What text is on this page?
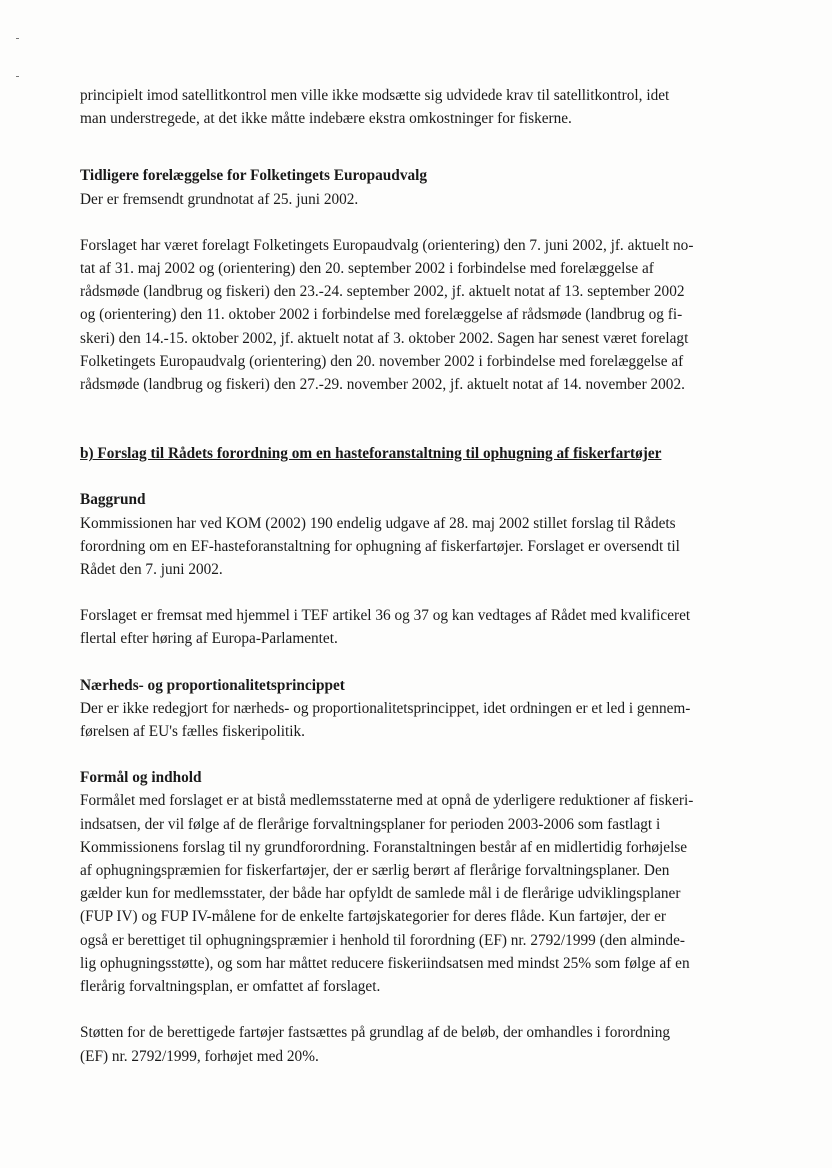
principielt imod satellitkontrol men ville ikke modsætte sig udvidede krav til satellitkontrol, idet
man understregede, at det ikke måtte indebære ekstra omkostninger for fiskerne.
Tidligere forelæggelse for Folketingets Europaudvalg
Der er fremsendt grundnotat af 25. juni 2002.
Forslaget har været forelagt Folketingets Europaudvalg (orientering) den 7. juni 2002, jf. aktuelt no-
tat af 31. maj 2002 og (orientering) den 20. september 2002 i forbindelse med forelæggelse af
rådsmøde (landbrug og fiskeri) den 23.-24. september 2002, jf. aktuelt notat af 13. september 2002
og (orientering) den 11. oktober 2002 i forbindelse med forelæggelse af rådsmøde (landbrug og fi-
skeri) den 14.-15. oktober 2002, jf. aktuelt notat af 3. oktober 2002. Sagen har senest været forelagt
Folketingets Europaudvalg (orientering) den 20. november 2002 i forbindelse med forelæggelse af
rådsmøde (landbrug og fiskeri) den 27.-29. november 2002, jf. aktuelt notat af 14. november 2002.
b) Forslag til Rådets forordning om en hasteforanstaltning til ophugning af fiskerfartøjer
Baggrund
Kommissionen har ved KOM (2002) 190 endelig udgave af 28. maj 2002 stillet forslag til Rådets
forordning om en EF-hasteforanstaltning for ophugning af fiskerfartøjer. Forslaget er oversendt til
Rådet den 7. juni 2002.
Forslaget er fremsat med hjemmel i TEF artikel 36 og 37 og kan vedtages af Rådet med kvalificeret
flertal efter høring af Europa-Parlamentet.
Nærheds- og proportionalitetsprincippet
Der er ikke redegjort for nærheds- og proportionalitetsprincippet, idet ordningen er et led i gennem-
førelsen af EU's fælles fiskeripolitik.
Formål og indhold
Formålet med forslaget er at bistå medlemsstaterne med at opnå de yderligere reduktioner af fiskeri-
indsatsen, der vil følge af de flerårige forvaltningsplaner for perioden 2003-2006 som fastlagt i
Kommissionens forslag til ny grundforordning. Foranstaltningen består af en midlertidig forhøjelse
af ophugningspræmien for fiskerfartøjer, der er særlig berørt af flerårige forvaltningsplaner. Den
gælder kun for medlemsstater, der både har opfyldt de samlede mål i de flerårige udviklingsplaner
(FUP IV) og FUP IV-målene for de enkelte fartøjskategorier for deres flåde. Kun fartøjer, der er
også er berettiget til ophugningspræmier i henhold til forordning (EF) nr. 2792/1999 (den alminde-
lig ophugningsstøtte), og som har måttet reducere fiskeriindsatsen med mindst 25% som følge af en
flerårig forvaltningsplan, er omfattet af forslaget.
Støtten for de berettigede fartøjer fastsættes på grundlag af de beløb, der omhandles i forordning
(EF) nr. 2792/1999, forhøjet med 20%.
